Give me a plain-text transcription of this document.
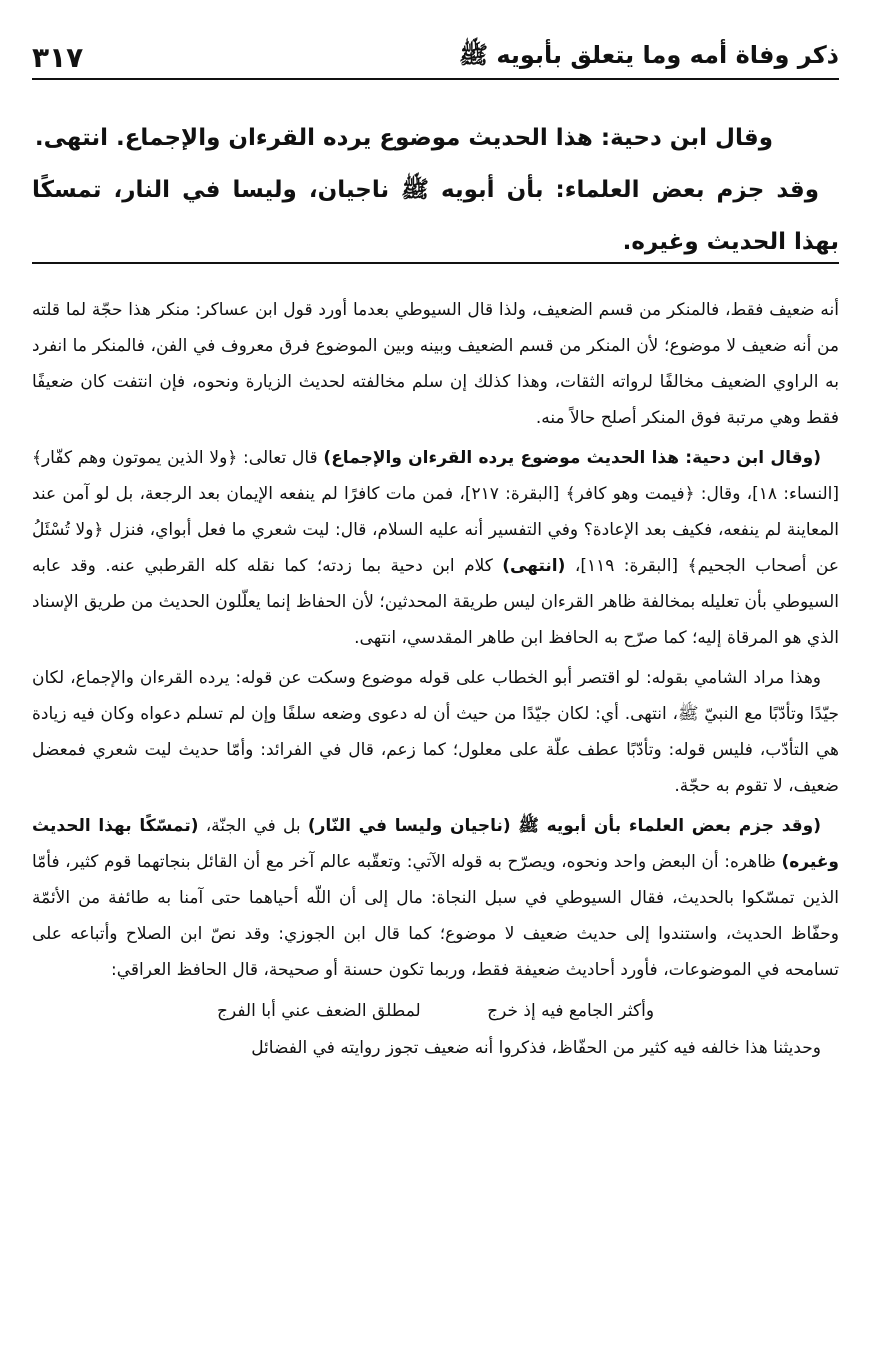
ذكر وفاة أمه وما يتعلق بأبويه ﷺ
٣١٧

وقال ابن دحية: هذا الحديث موضوع يرده القرءان والإجماع. انتهى.

وقد جزم بعض العلماء: بأن أبويه ﷺ ناجيان، وليسا في النار، تمسكًا بهذا الحديث وغيره.

أنه ضعيف فقط، فالمنكر من قسم الضعيف، ولذا قال السيوطي بعدما أورد قول ابن عساكر: منكر هذا حجّة لما قلته من أنه ضعيف لا موضوع؛ لأن المنكر من قسم الضعيف وبينه وبين الموضوع فرق معروف في الفن، فالمنكر ما انفرد به الراوي الضعيف مخالفًا لرواته الثقات، وهذا كذلك إن سلم مخالفته لحديث الزيارة ونحوه، فإن انتفت كان ضعيفًا فقط وهي مرتبة فوق المنكر أصلح حالاً منه.

(وقال ابن دحية: هذا الحديث موضوع يرده القرءان والإجماع) قال تعالى: ﴿ولا الذين يموتون وهم كفّار﴾ [النساء: ١٨]، وقال: ﴿فيمت وهو كافر﴾ [البقرة: ٢١٧]، فمن مات كافرًا لم ينفعه الإيمان بعد الرجعة، بل لو آمن عند المعاينة لم ينفعه، فكيف بعد الإعادة؟ وفي التفسير أنه عليه السلام، قال: ليت شعري ما فعل أبواي، فنزل ﴿ولا تُسْئَلُ عن أصحاب الجحيم﴾ [البقرة: ١١٩]، (انتهى) كلام ابن دحية بما زدته؛ كما نقله كله القرطبي عنه. وقد عابه السيوطي بأن تعليله بمخالفة ظاهر القرءان ليس طريقة المحدثين؛ لأن الحفاظ إنما يعلّلون الحديث من طريق الإسناد الذي هو المرقاة إليه؛ كما صرّح به الحافظ ابن طاهر المقدسي، انتهى.

وهذا مراد الشامي بقوله: لو اقتصر أبو الخطاب على قوله موضوع وسكت عن قوله: يرده القرءان والإجماع، لكان جيّدًا وتأدّبًا مع النبيّ ﷺ، انتهى. أي: لكان جيّدًا من حيث أن له دعوى وضعه سلفًا وإن لم تسلم دعواه وكان فيه زيادة هي التأدّب، فليس قوله: وتأدّبًا عطف علّة على معلول؛ كما زعم، قال في الفرائد: وأمّا حديث ليت شعري فمعضل ضعيف، لا تقوم به حجّة.

(وقد جزم بعض العلماء بأن أبويه ﷺ (ناجيان وليسا في النّار) بل في الجنّة، (تمسّكًا بهذا الحديث وغيره) ظاهره: أن البعض واحد ونحوه، ويصرّح به قوله الآتي: وتعقّبه عالم آخر مع أن القائل بنجاتهما قوم كثير، فأمّا الذين تمسّكوا بالحديث، فقال السيوطي في سبل النجاة: مال إلى أن اللّه أحياهما حتى آمنا به طائفة من الأئمّة وحفّاظ الحديث، واستندوا إلى حديث ضعيف لا موضوع؛ كما قال ابن الجوزي: وقد نصّ ابن الصلاح وأتباعه على تسامحه في الموضوعات، فأورد أحاديث ضعيفة فقط، وربما تكون حسنة أو صحيحة، قال الحافظ العراقي:

وأكثر الجامع فيه إذ خرج لمطلق الضعف عني أبا الفرج

وحديثنا هذا خالفه فيه كثير من الحفّاظ، فذكروا أنه ضعيف تجوز روايته في الفضائل
